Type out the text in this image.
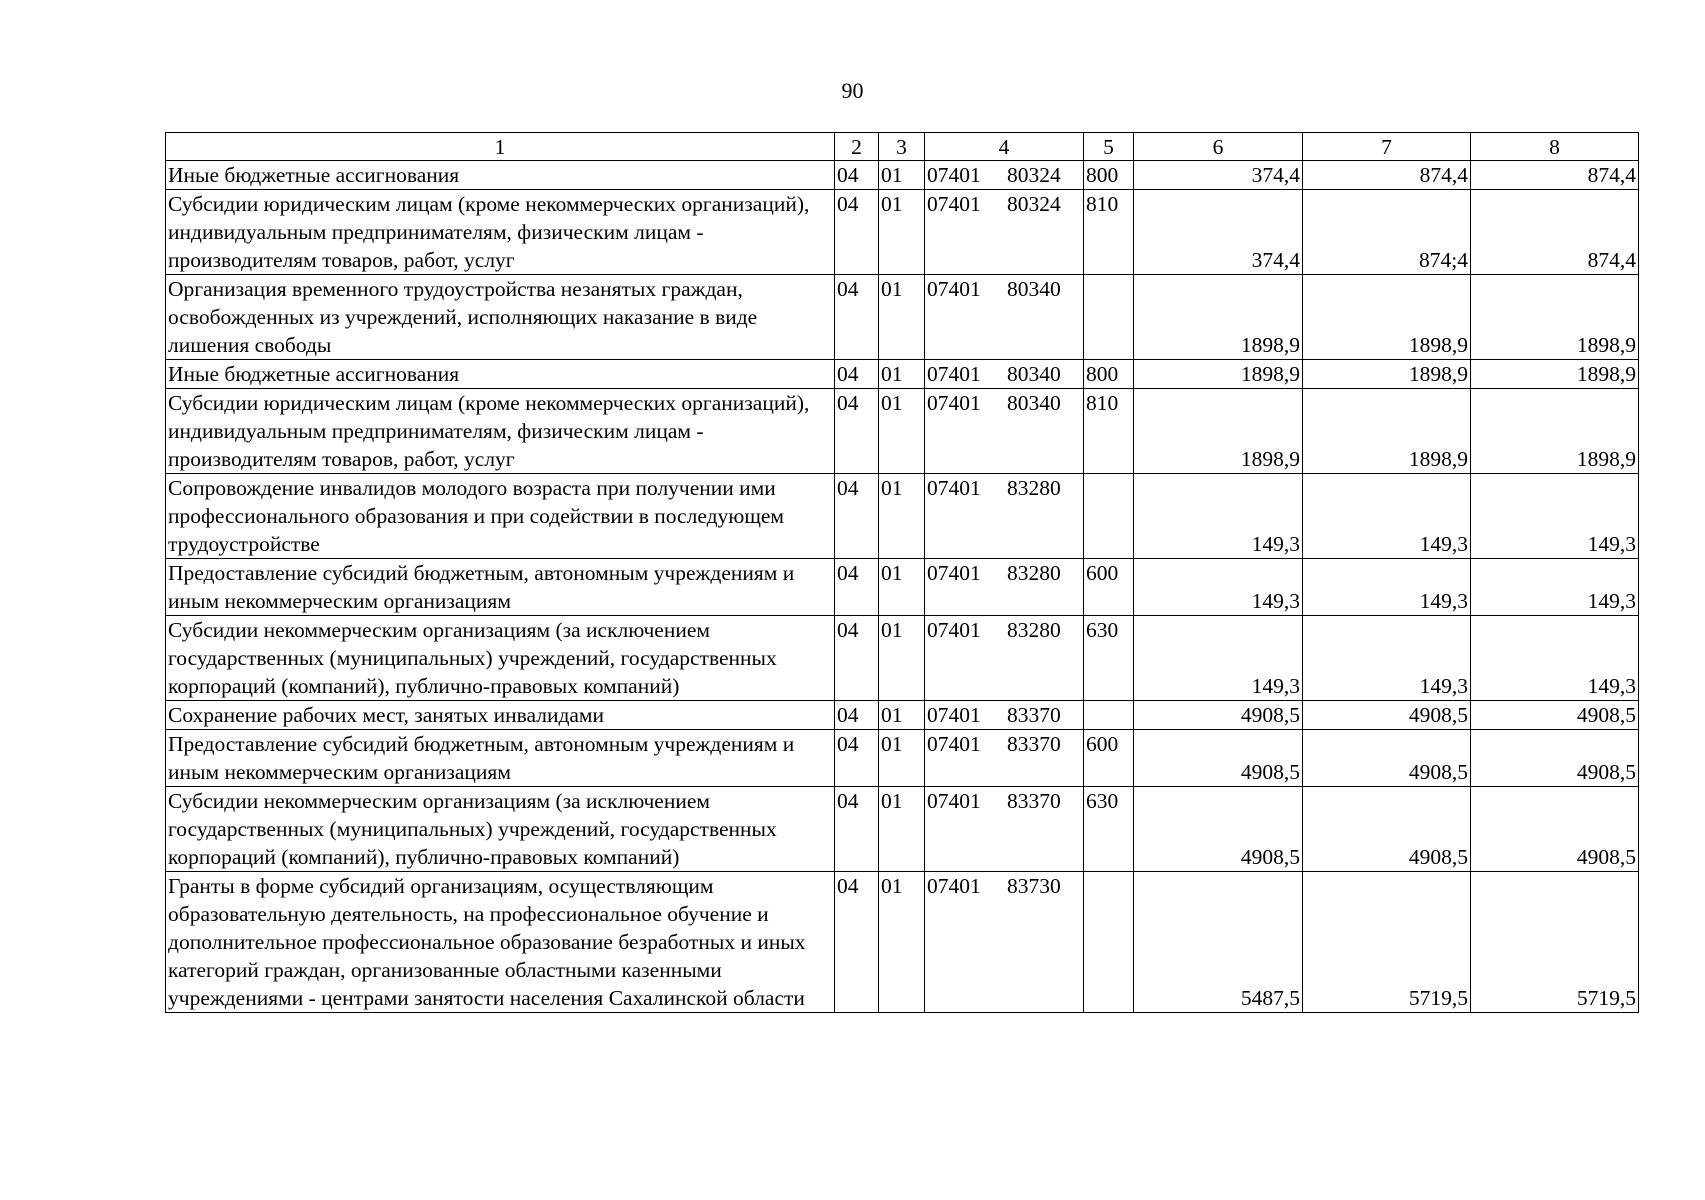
90
1	2	3	4	5	6	7	8
Иные бюджетные ассигнования	04	01	07401 80324	800	374,4	874,4	874,4
Субсидии юридическим лицам (кроме некоммерческих организаций), индивидуальным предпринимателям, физическим лицам - производителям товаров, работ, услуг	04	01	07401 80324	810	374,4	874;4	874,4
Организация временного трудоустройства незанятых граждан, освобожденных из учреждений, исполняющих наказание в виде лишения свободы	04	01	07401 80340		1898,9	1898,9	1898,9
Иные бюджетные ассигнования	04	01	07401 80340	800	1898,9	1898,9	1898,9
Субсидии юридическим лицам (кроме некоммерческих организаций), индивидуальным предпринимателям, физическим лицам - производителям товаров, работ, услуг	04	01	07401 80340	810	1898,9	1898,9	1898,9
Сопровождение инвалидов молодого возраста при получении ими профессионального образования и при содействии в последующем трудоустройстве	04	01	07401 83280		149,3	149,3	149,3
Предоставление субсидий бюджетным, автономным учреждениям и иным некоммерческим организациям	04	01	07401 83280	600	149,3	149,3	149,3
Субсидии некоммерческим организациям (за исключением государственных (муниципальных) учреждений, государственных корпораций (компаний), публично-правовых компаний)	04	01	07401 83280	630	149,3	149,3	149,3
Сохранение рабочих мест, занятых инвалидами	04	01	07401 83370		4908,5	4908,5	4908,5
Предоставление субсидий бюджетным, автономным учреждениям и иным некоммерческим организациям	04	01	07401 83370	600	4908,5	4908,5	4908,5
Субсидии некоммерческим организациям (за исключением государственных (муниципальных) учреждений, государственных корпораций (компаний), публично-правовых компаний)	04	01	07401 83370	630	4908,5	4908,5	4908,5
Гранты в форме субсидий организациям, осуществляющим образовательную деятельность, на профессиональное обучение и дополнительное профессиональное образование безработных и иных категорий граждан, организованные областными казенными учреждениями - центрами занятости населения Сахалинской области	04	01	07401 83730		5487,5	5719,5	5719,5
